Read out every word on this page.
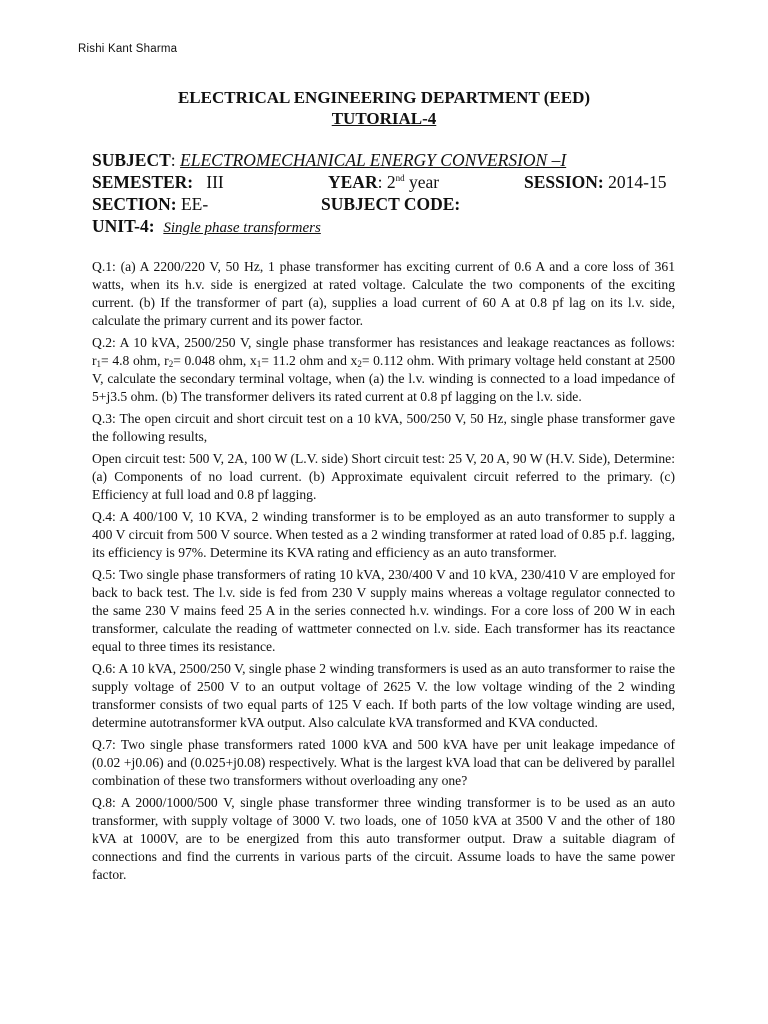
Rishi Kant Sharma
ELECTRICAL ENGINEERING DEPARTMENT (EED)
TUTORIAL-4
SUBJECT: ELECTROMECHANICAL ENERGY CONVERSION –I
SEMESTER: III	YEAR: 2nd year	SESSION: 2014-15
SECTION: EE-	SUBJECT CODE:
UNIT-4: Single phase transformers

Q.1: (a) A 2200/220 V, 50 Hz, 1 phase transformer has exciting current of 0.6 A and a core loss of 361 watts, when its h.v. side is energized at rated voltage. Calculate the two components of the exciting current. (b) If the transformer of part (a), supplies a load current of 60 A at 0.8 pf lag on its l.v. side, calculate the primary current and its power factor.

Q.2: A 10 kVA, 2500/250 V, single phase transformer has resistances and leakage reactances as follows: $r_1= 4.8$ ohm, $r_2= 0.048$ ohm, $x_1= 11.2$ ohm and $x_2= 0.112$ ohm. With primary voltage held constant at 2500 V, calculate the secondary terminal voltage, when (a) the l.v. winding is connected to a load impedance of 5+j3.5 ohm. (b) The transformer delivers its rated current at 0.8 pf lagging on the l.v. side.

Q.3: The open circuit and short circuit test on a 10 kVA, 500/250 V, 50 Hz, single phase transformer gave the following results,

Open circuit test: 500 V, 2A, 100 W (L.V. side) Short circuit test: 25 V, 20 A, 90 W (H.V. Side), Determine: (a) Components of no load current. (b) Approximate equivalent circuit referred to the primary. (c) Efficiency at full load and 0.8 pf lagging.

Q.4: A 400/100 V, 10 KVA, 2 winding transformer is to be employed as an auto transformer to supply a 400 V circuit from 500 V source. When tested as a 2 winding transformer at rated load of 0.85 p.f. lagging, its efficiency is 97%. Determine its KVA rating and efficiency as an auto transformer.

Q.5: Two single phase transformers of rating 10 kVA, 230/400 V and 10 kVA, 230/410 V are employed for back to back test. The l.v. side is fed from 230 V supply mains whereas a voltage regulator connected to the same 230 V mains feed 25 A in the series connected h.v. windings. For a core loss of 200 W in each transformer, calculate the reading of wattmeter connected on l.v. side. Each transformer has its reactance equal to three times its resistance.

Q.6: A 10 kVA, 2500/250 V, single phase 2 winding transformers is used as an auto transformer to raise the supply voltage of 2500 V to an output voltage of 2625 V. the low voltage winding of the 2 winding transformer consists of two equal parts of 125 V each. If both parts of the low voltage winding are used, determine autotransformer kVA output. Also calculate kVA transformed and KVA conducted.

Q.7: Two single phase transformers rated 1000 kVA and 500 kVA have per unit leakage impedance of (0.02 +j0.06) and (0.025+j0.08) respectively. What is the largest kVA load that can be delivered by parallel combination of these two transformers without overloading any one?

Q.8: A 2000/1000/500 V, single phase transformer three winding transformer is to be used as an auto transformer, with supply voltage of 3000 V. two loads, one of 1050 kVA at 3500 V and the other of 180 kVA at 1000V, are to be energized from this auto transformer output. Draw a suitable diagram of connections and find the currents in various parts of the circuit. Assume loads to have the same power factor.
